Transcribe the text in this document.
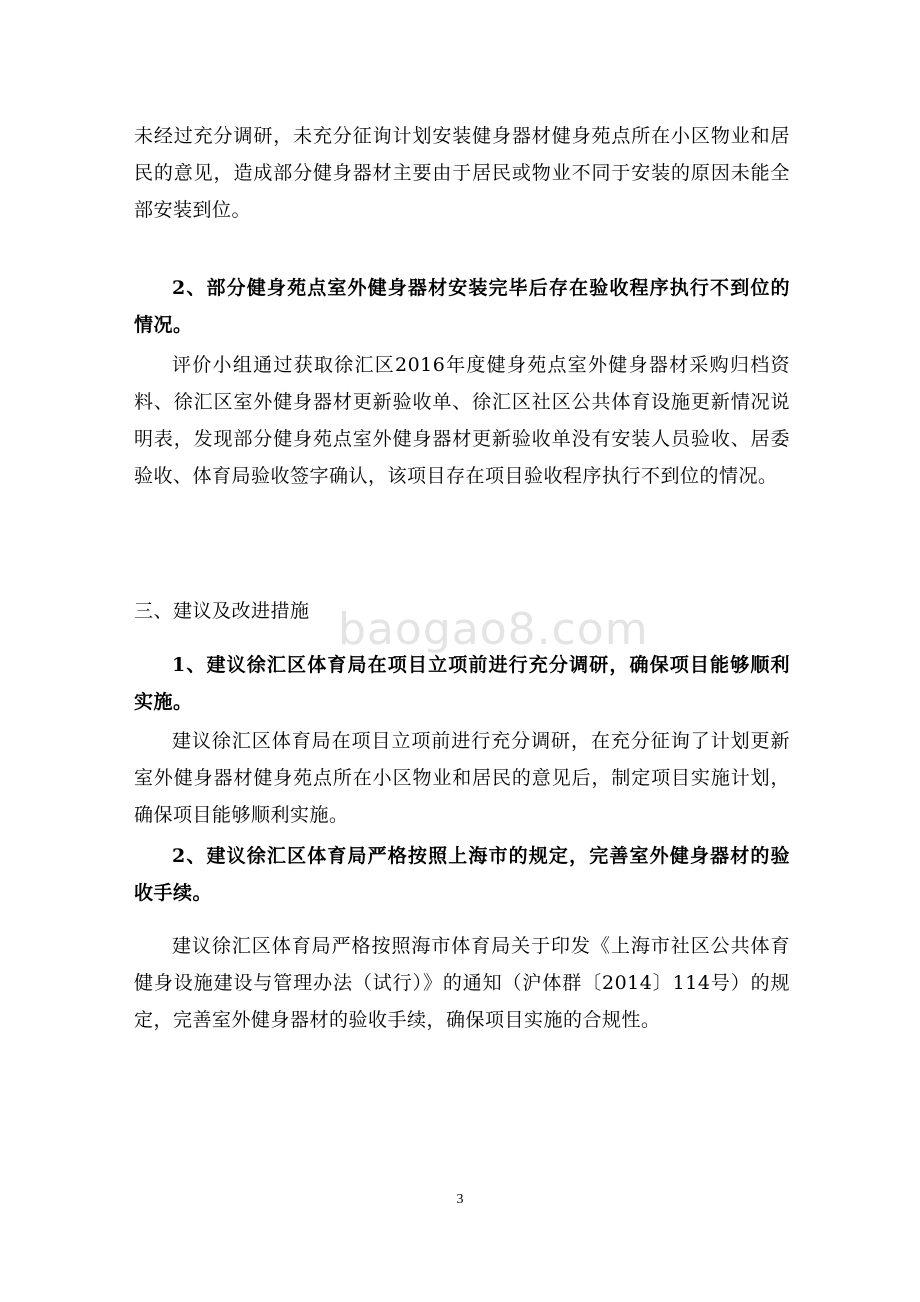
未经过充分调研，未充分征询计划安装健身器材健身苑点所在小区物业和居民的意见，造成部分健身器材主要由于居民或物业不同于安装的原因未能全部安装到位。

2、部分健身苑点室外健身器材安装完毕后存在验收程序执行不到位的情况。

评价小组通过获取徐汇区2016年度健身苑点室外健身器材采购归档资料、徐汇区室外健身器材更新验收单、徐汇区社区公共体育设施更新情况说明表，发现部分健身苑点室外健身器材更新验收单没有安装人员验收、居委验收、体育局验收签字确认，该项目存在项目验收程序执行不到位的情况。

三、建议及改进措施

1、建议徐汇区体育局在项目立项前进行充分调研，确保项目能够顺利实施。

建议徐汇区体育局在项目立项前进行充分调研，在充分征询了计划更新室外健身器材健身苑点所在小区物业和居民的意见后，制定项目实施计划，确保项目能够顺利实施。

2、建议徐汇区体育局严格按照上海市的规定，完善室外健身器材的验收手续。

建议徐汇区体育局严格按照海市体育局关于印发《上海市社区公共体育健身设施建设与管理办法（试行）》的通知（沪体群〔2014〕114号）的规定，完善室外健身器材的验收手续，确保项目实施的合规性。

baogao8.com
3
